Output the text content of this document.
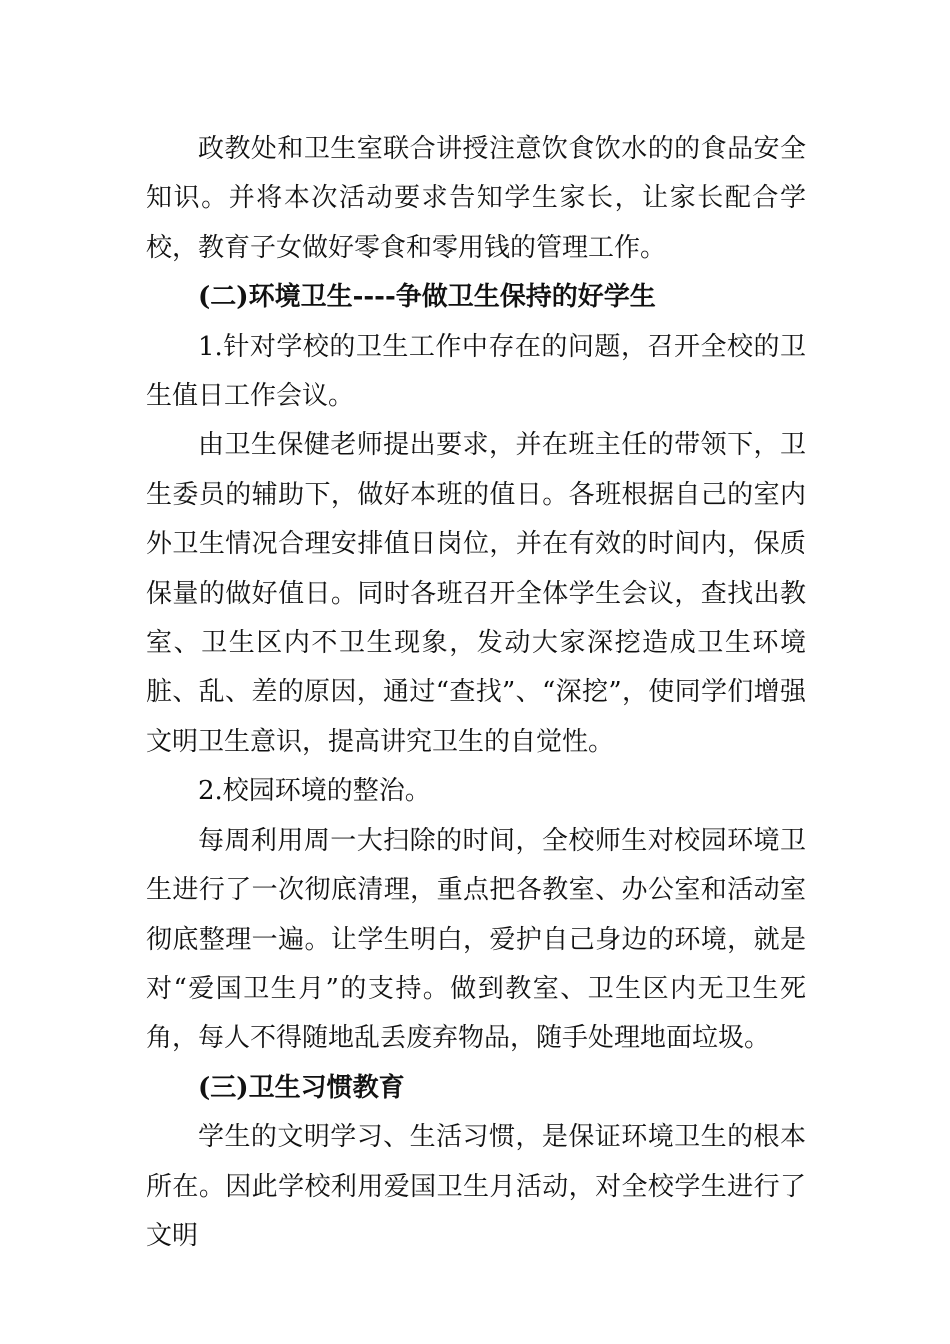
政教处和卫生室联合讲授注意饮食饮水的的食品安全知识。并将本次活动要求告知学生家长，让家长配合学校，教育子女做好零食和零用钱的管理工作。

(二)环境卫生----争做卫生保持的好学生

1.针对学校的卫生工作中存在的问题，召开全校的卫生值日工作会议。

由卫生保健老师提出要求，并在班主任的带领下，卫生委员的辅助下，做好本班的值日。各班根据自己的室内外卫生情况合理安排值日岗位，并在有效的时间内，保质保量的做好值日。同时各班召开全体学生会议，查找出教室、卫生区内不卫生现象，发动大家深挖造成卫生环境脏、乱、差的原因，通过“查找”、“深挖”，使同学们增强文明卫生意识，提高讲究卫生的自觉性。

2.校园环境的整治。

每周利用周一大扫除的时间，全校师生对校园环境卫生进行了一次彻底清理，重点把各教室、办公室和活动室彻底整理一遍。让学生明白，爱护自己身边的环境，就是对“爱国卫生月”的支持。做到教室、卫生区内无卫生死角，每人不得随地乱丢废弃物品，随手处理地面垃圾。

(三)卫生习惯教育

学生的文明学习、生活习惯，是保证环境卫生的根本所在。因此学校利用爱国卫生月活动，对全校学生进行了文明
